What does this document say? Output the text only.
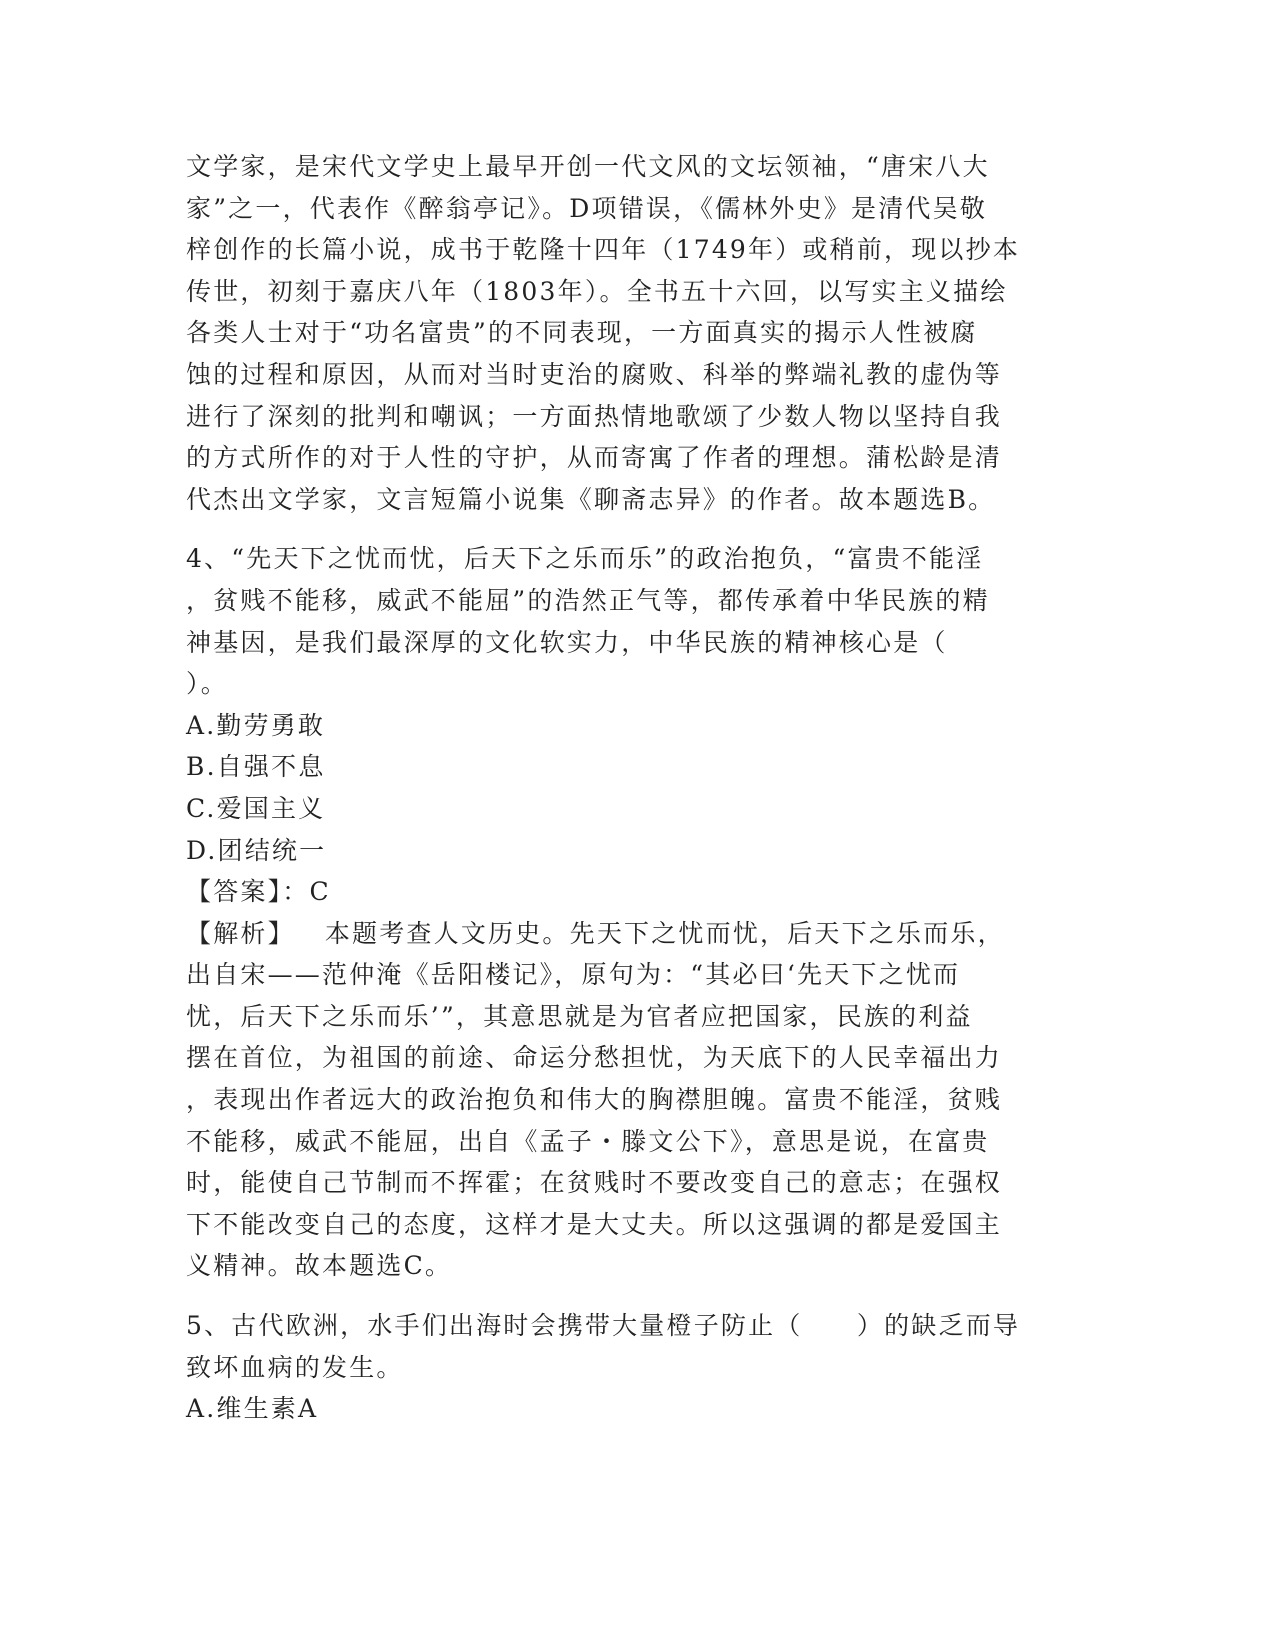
文学家，是宋代文学史上最早开创一代文风的文坛领袖，“唐宋八大
家”之一，代表作《醉翁亭记》。D项错误，《儒林外史》是清代吴敬
梓创作的长篇小说，成书于乾隆十四年（1749年）或稍前，现以抄本
传世，初刻于嘉庆八年（1803年）。全书五十六回，以写实主义描绘
各类人士对于“功名富贵”的不同表现，一方面真实的揭示人性被腐
蚀的过程和原因，从而对当时吏治的腐败、科举的弊端礼教的虚伪等
进行了深刻的批判和嘲讽；一方面热情地歌颂了少数人物以坚持自我
的方式所作的对于人性的守护，从而寄寓了作者的理想。蒲松龄是清
代杰出文学家，文言短篇小说集《聊斋志异》的作者。故本题选B。
4、“先天下之忧而忧，后天下之乐而乐”的政治抱负，“富贵不能淫
，贫贱不能移，威武不能屈”的浩然正气等，都传承着中华民族的精
神基因，是我们最深厚的文化软实力，中华民族的精神核心是（
）。
A.勤劳勇敢
B.自强不息
C.爱国主义
D.团结统一
【答案】：C
【解析】 本题考查人文历史。先天下之忧而忧，后天下之乐而乐，
出自宋——范仲淹《岳阳楼记》，原句为：“其必曰‘先天下之忧而
忧，后天下之乐而乐’”，其意思就是为官者应把国家，民族的利益
摆在首位，为祖国的前途、命运分愁担忧，为天底下的人民幸福出力
，表现出作者远大的政治抱负和伟大的胸襟胆魄。富贵不能淫，贫贱
不能移，威武不能屈，出自《孟子・滕文公下》，意思是说，在富贵
时，能使自己节制而不挥霍；在贫贱时不要改变自己的意志；在强权
下不能改变自己的态度，这样才是大丈夫。所以这强调的都是爱国主
义精神。故本题选C。
5、古代欧洲，水手们出海时会携带大量橙子防止（　　）的缺乏而导
致坏血病的发生。
A.维生素A
